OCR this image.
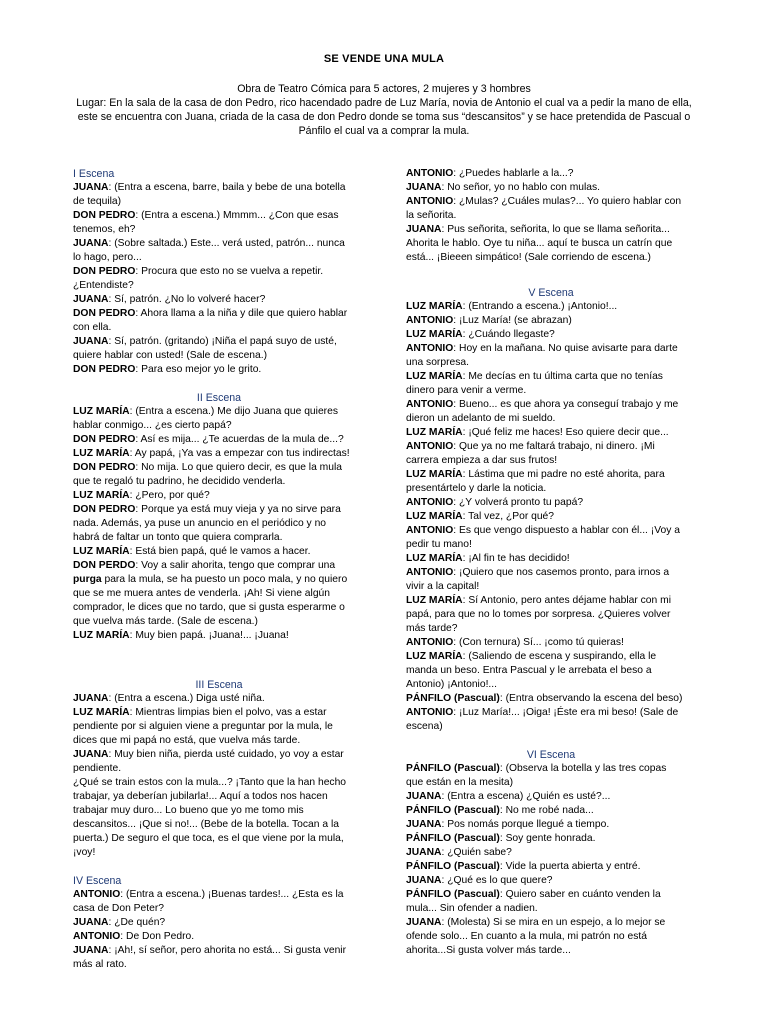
SE VENDE UNA MULA
Obra de Teatro Cómica para 5 actores, 2 mujeres y 3 hombres
Lugar: En la sala de la casa de don Pedro, rico hacendado padre de Luz María, novia de Antonio el cual va a pedir la mano de ella,
este se encuentra con Juana, criada de la casa de don Pedro donde se toma sus “descansitos” y se hace pretendida de Pascual o
Pánfilo el cual va a comprar la mula.

I Escena

JUANA: (Entra a escena, barre, baila y bebe de una botella

de tequila)

DON PEDRO: (Entra a escena.) Mmmm... ¿Con que esas

tenemos, eh?

JUANA: (Sobre saltada.) Este... verá usted, patrón... nunca

lo hago, pero...

DON PEDRO: Procura que esto no se vuelva a repetir.

¿Entendiste?

JUANA: Sí, patrón. ¿No lo volveré hacer?

DON PEDRO: Ahora llama a la niña y dile que quiero hablar

con ella.

JUANA: Sí, patrón. (gritando) ¡Niña el papá suyo de usté,

quiere hablar con usted! (Sale de escena.)

DON PEDRO: Para eso mejor yo le grito.

II Escena

LUZ MARÍA: (Entra a escena.) Me dijo Juana que quieres

hablar conmigo... ¿es cierto papá?

DON PEDRO: Así es mija... ¿Te acuerdas de la mula de...?

LUZ MARÍA: Ay papá, ¡Ya vas a empezar con tus indirectas!

DON PEDRO: No mija. Lo que quiero decir, es que la mula

que te regaló tu padrino, he decidido venderla.

LUZ MARÍA: ¿Pero, por qué?

DON PEDRO: Porque ya está muy vieja y ya no sirve para

nada. Además, ya puse un anuncio en el periódico y no

habrá de faltar un tonto que quiera comprarla.

LUZ MARÍA: Está bien papá, qué le vamos a hacer.

DON PERDO: Voy a salir ahorita, tengo que comprar una

purga para la mula, se ha puesto un poco mala, y no quiero

que se me muera antes de venderla. ¡Ah! Si viene algún

comprador, le dices que no tardo, que si gusta esperarme o

que vuelva más tarde. (Sale de escena.)

LUZ MARÍA: Muy bien papá. ¡Juana!... ¡Juana!

III Escena

JUANA: (Entra a escena.) Diga usté niña.

LUZ MARÍA: Mientras limpias bien el polvo, vas a estar

pendiente por si alguien viene a preguntar por la mula, le

dices que mi papá no está, que vuelva más tarde.

JUANA: Muy bien niña, pierda usté cuidado, yo voy a estar

pendiente.

¿Qué se train estos con la mula...? ¡Tanto que la han hecho

trabajar, ya deberían jubilarla!... Aquí a todos nos hacen

trabajar muy duro... Lo bueno que yo me tomo mis

descansitos... ¡Que si no!... (Bebe de la botella. Tocan a la

puerta.) De seguro el que toca, es el que viene por la mula,

¡voy!

IV Escena

ANTONIO: (Entra a escena.) ¡Buenas tardes!... ¿Esta es la

casa de Don Peter?

JUANA: ¿De quén?

ANTONIO: De Don Pedro.

JUANA: ¡Ah!, sí señor, pero ahorita no está... Si gusta venir

más al rato.

ANTONIO: ¿Puedes hablarle a la...?

JUANA: No señor, yo no hablo con mulas.

ANTONIO: ¿Mulas? ¿Cuáles mulas?... Yo quiero hablar con

la señorita.

JUANA: Pus señorita, señorita, lo que se llama señorita...

Ahorita le hablo. Oye tu niña... aquí te busca un catrín que

está... ¡Bieeen simpático! (Sale corriendo de escena.)

V Escena

LUZ MARÍA: (Entrando a escena.) ¡Antonio!...

ANTONIO: ¡Luz María! (se abrazan)

LUZ MARÍA: ¿Cuándo llegaste?

ANTONIO: Hoy en la mañana. No quise avisarte para darte

una sorpresa.

LUZ MARÍA: Me decías en tu última carta que no tenías

dinero para venir a verme.

ANTONIO: Bueno... es que ahora ya conseguí trabajo y me

dieron un adelanto de mi sueldo.

LUZ MARÍA: ¡Qué feliz me haces! Eso quiere decir que...

ANTONIO: Que ya no me faltará trabajo, ni dinero. ¡Mi

carrera empieza a dar sus frutos!

LUZ MARÍA: Lástima que mi padre no esté ahorita, para

presentártelo y darle la noticia.

ANTONIO: ¿Y volverá pronto tu papá?

LUZ MARÍA: Tal vez, ¿Por qué?

ANTONIO: Es que vengo dispuesto a hablar con él... ¡Voy a

pedir tu mano!

LUZ MARÍA: ¡Al fin te has decidido!

ANTONIO: ¡Quiero que nos casemos pronto, para irnos a

vivir a la capital!

LUZ MARÍA: Sí Antonio, pero antes déjame hablar con mi

papá, para que no lo tomes por sorpresa. ¿Quieres volver

más tarde?

ANTONIO: (Con ternura) Sí... ¡como tú quieras!

LUZ MARÍA: (Saliendo de escena y suspirando, ella le

manda un beso. Entra Pascual y le arrebata el beso a

Antonio) ¡Antonio!...

PÁNFILO (Pascual): (Entra observando la escena del beso)

ANTONIO: ¡Luz María!... ¡Oiga! ¡Éste era mi beso! (Sale de

escena)

VI Escena

PÁNFILO (Pascual): (Observa la botella y las tres copas

que están en la mesita)

JUANA: (Entra a escena) ¿Quién es usté?...

PÁNFILO (Pascual): No me robé nada...

JUANA: Pos nomás porque llegué a tiempo.

PÁNFILO (Pascual): Soy gente honrada.

JUANA: ¿Quién sabe?

PÁNFILO (Pascual): Vide la puerta abierta y entré.

JUANA: ¿Qué es lo que quere?

PÁNFILO (Pascual): Quiero saber en cuánto venden la

mula... Sin ofender a nadien.

JUANA: (Molesta) Si se mira en un espejo, a lo mejor se

ofende solo... En cuanto a la mula, mi patrón no está

ahorita...Si gusta volver más tarde...
